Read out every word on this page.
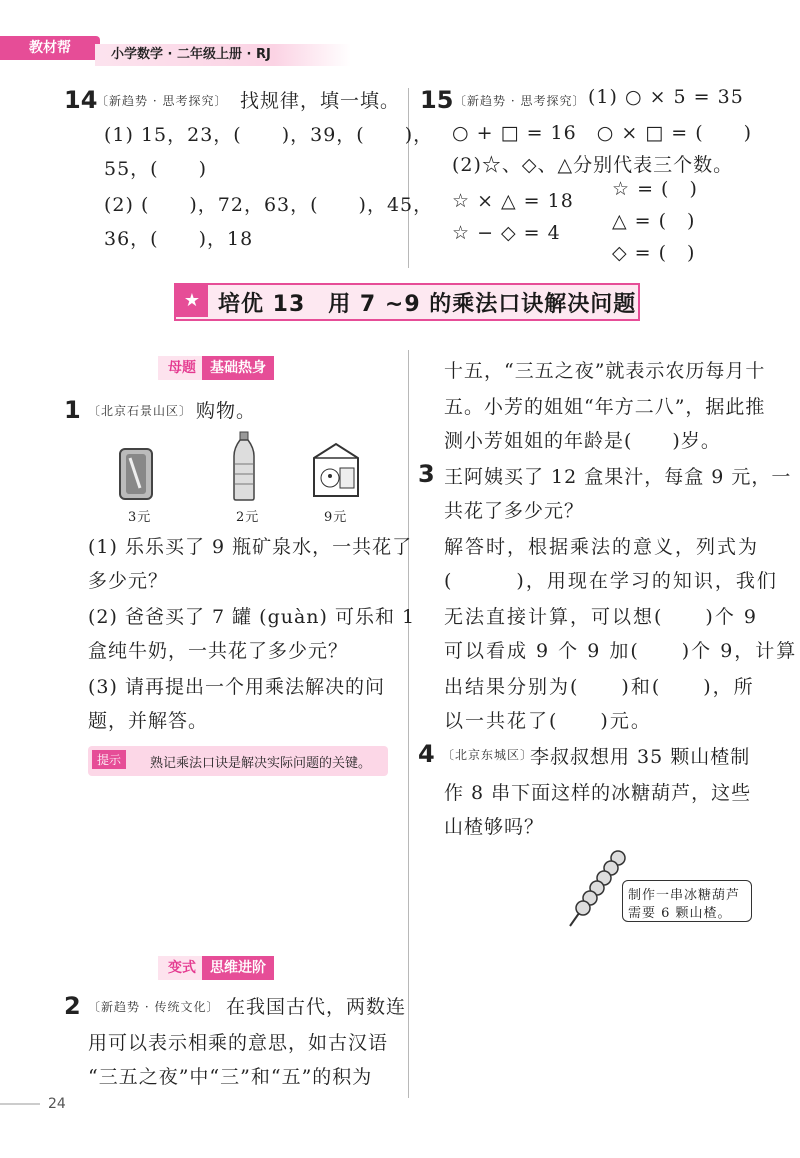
教材帮	小学数学 · 二年级上册 · RJ
14
〔新趋势 · 思考探究〕 找规律，填一填。
(1) 15，23，(　　)，39，(　　)，
55，(　　)
(2) (　　)，72，63，(　　)，45，
36，(　　)，18
15 〔新趋势 · 思考探究〕 (1) ○ × 5 = 35
○ + □ = 16　○ × □ = (　　)
(2)☆、◇、△分别代表三个数。
☆ × △ = 18
☆ − ◇ = 4
☆ = (　)
△ = (　)
◇ = (　)
★ 培优 13　用 7 ~9 的乘法口诀解决问题
母题 基础热身
1 〔北京石景山区〕 购物。
3元	2元	9元
(1) 乐乐买了 9 瓶矿泉水，一共花了
多少元？
(2) 爸爸买了 7 罐 (guàn) 可乐和 1
盒纯牛奶，一共花了多少元？
(3) 请再提出一个用乘法解决的问
题，并解答。
提示	熟记乘法口诀是解决实际问题的关键。
变式 思维进阶
2 〔新趋势 · 传统文化〕 在我国古代，两数连
用可以表示相乘的意思，如古汉语
“三五之夜”中“三”和“五”的积为
十五，“三五之夜”就表示农历每月十
五。小芳的姐姐“年方二八”，据此推
测小芳姐姐的年龄是(　　)岁。
3 王阿姨买了 12 盒果汁，每盒 9 元，一
共花了多少元？
解答时，根据乘法的意义，列式为
(　　　)，用现在学习的知识，我们
无法直接计算，可以想(　　)个 9
可以看成 9 个 9 加(　　)个 9，计算
出结果分别为(　　)和(　　)，所
以一共花了(　　)元。
4 〔北京东城区〕
李叔叔想用 35 颗山楂制
作 8 串下面这样的冰糖葫芦，这些
山楂够吗？
制作一串冰糖葫芦
需要 6 颗山楂。
24
